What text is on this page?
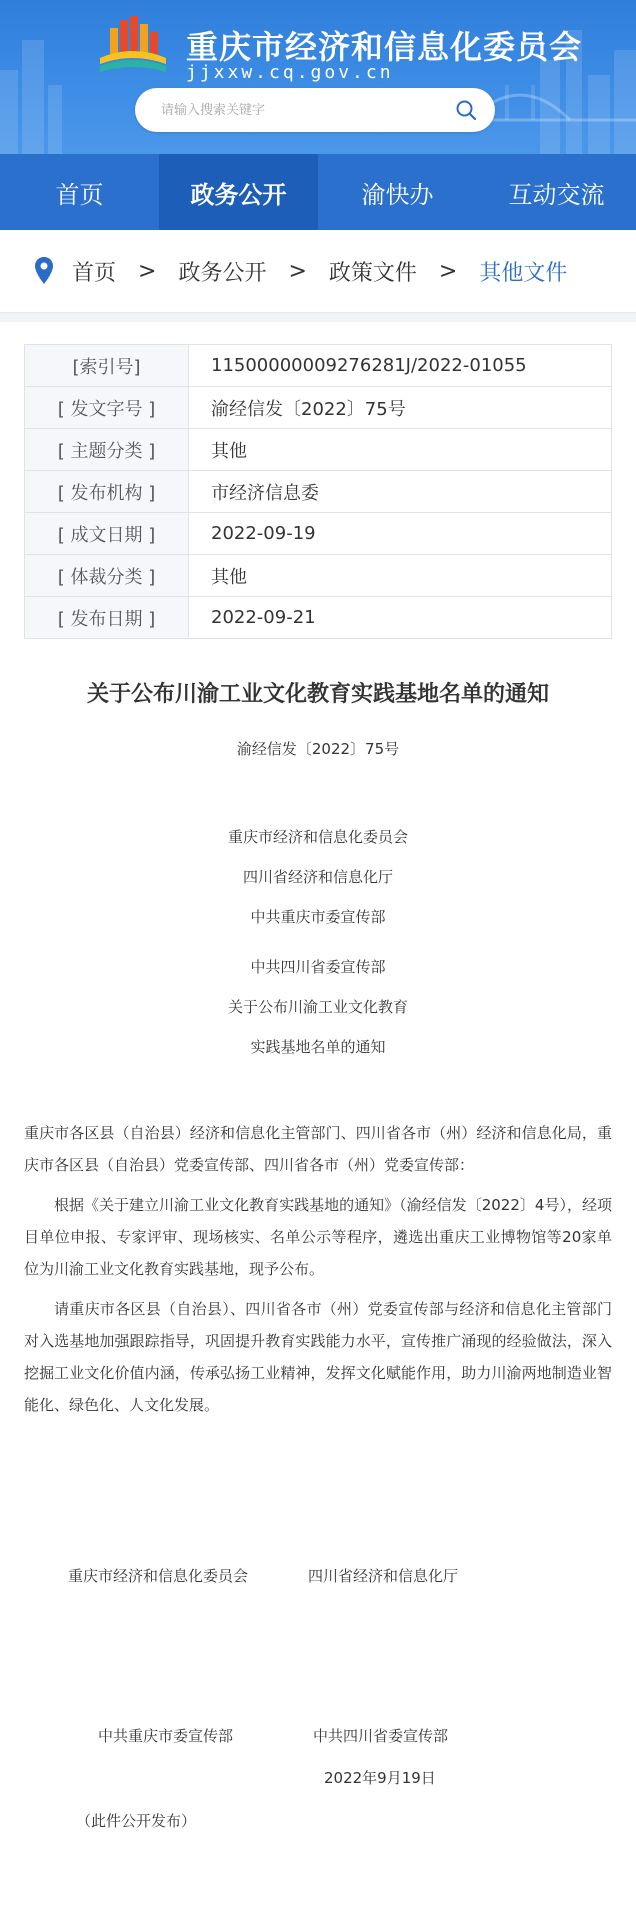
重庆市经济和信息化委员会
jjxxw.cq.gov.cn
请输入搜索关键字
首页	政务公开	渝快办	互动交流
首页 > 政务公开 > 政策文件 > 其他文件
[索引号]	11500000009276281J/2022-01055
[ 发文字号 ]	渝经信发〔2022〕75号
[ 主题分类 ]	其他
[ 发布机构 ]	市经济信息委
[ 成文日期 ]	2022-09-19
[ 体裁分类 ]	其他
[ 发布日期 ]	2022-09-21
关于公布川渝工业文化教育实践基地名单的通知
渝经信发〔2022〕75号
重庆市经济和信息化委员会
四川省经济和信息化厅
中共重庆市委宣传部
中共四川省委宣传部
关于公布川渝工业文化教育
实践基地名单的通知

重庆市各区县（自治县）经济和信息化主管部门、四川省各市（州）经济和信息化局，重庆市各区县（自治县）党委宣传部、四川省各市（州）党委宣传部：

根据《关于建立川渝工业文化教育实践基地的通知》（渝经信发〔2022〕4号），经项目单位申报、专家评审、现场核实、名单公示等程序，遴选出重庆工业博物馆等20家单位为川渝工业文化教育实践基地，现予公布。

请重庆市各区县（自治县）、四川省各市（州）党委宣传部与经济和信息化主管部门对入选基地加强跟踪指导，巩固提升教育实践能力水平，宣传推广涌现的经验做法，深入挖掘工业文化价值内涵，传承弘扬工业精神，发挥文化赋能作用，助力川渝两地制造业智能化、绿色化、人文化发展。

重庆市经济和信息化委员会	四川省经济和信息化厅
中共重庆市委宣传部	中共四川省委宣传部
2022年9月19日
（此件公开发布）
